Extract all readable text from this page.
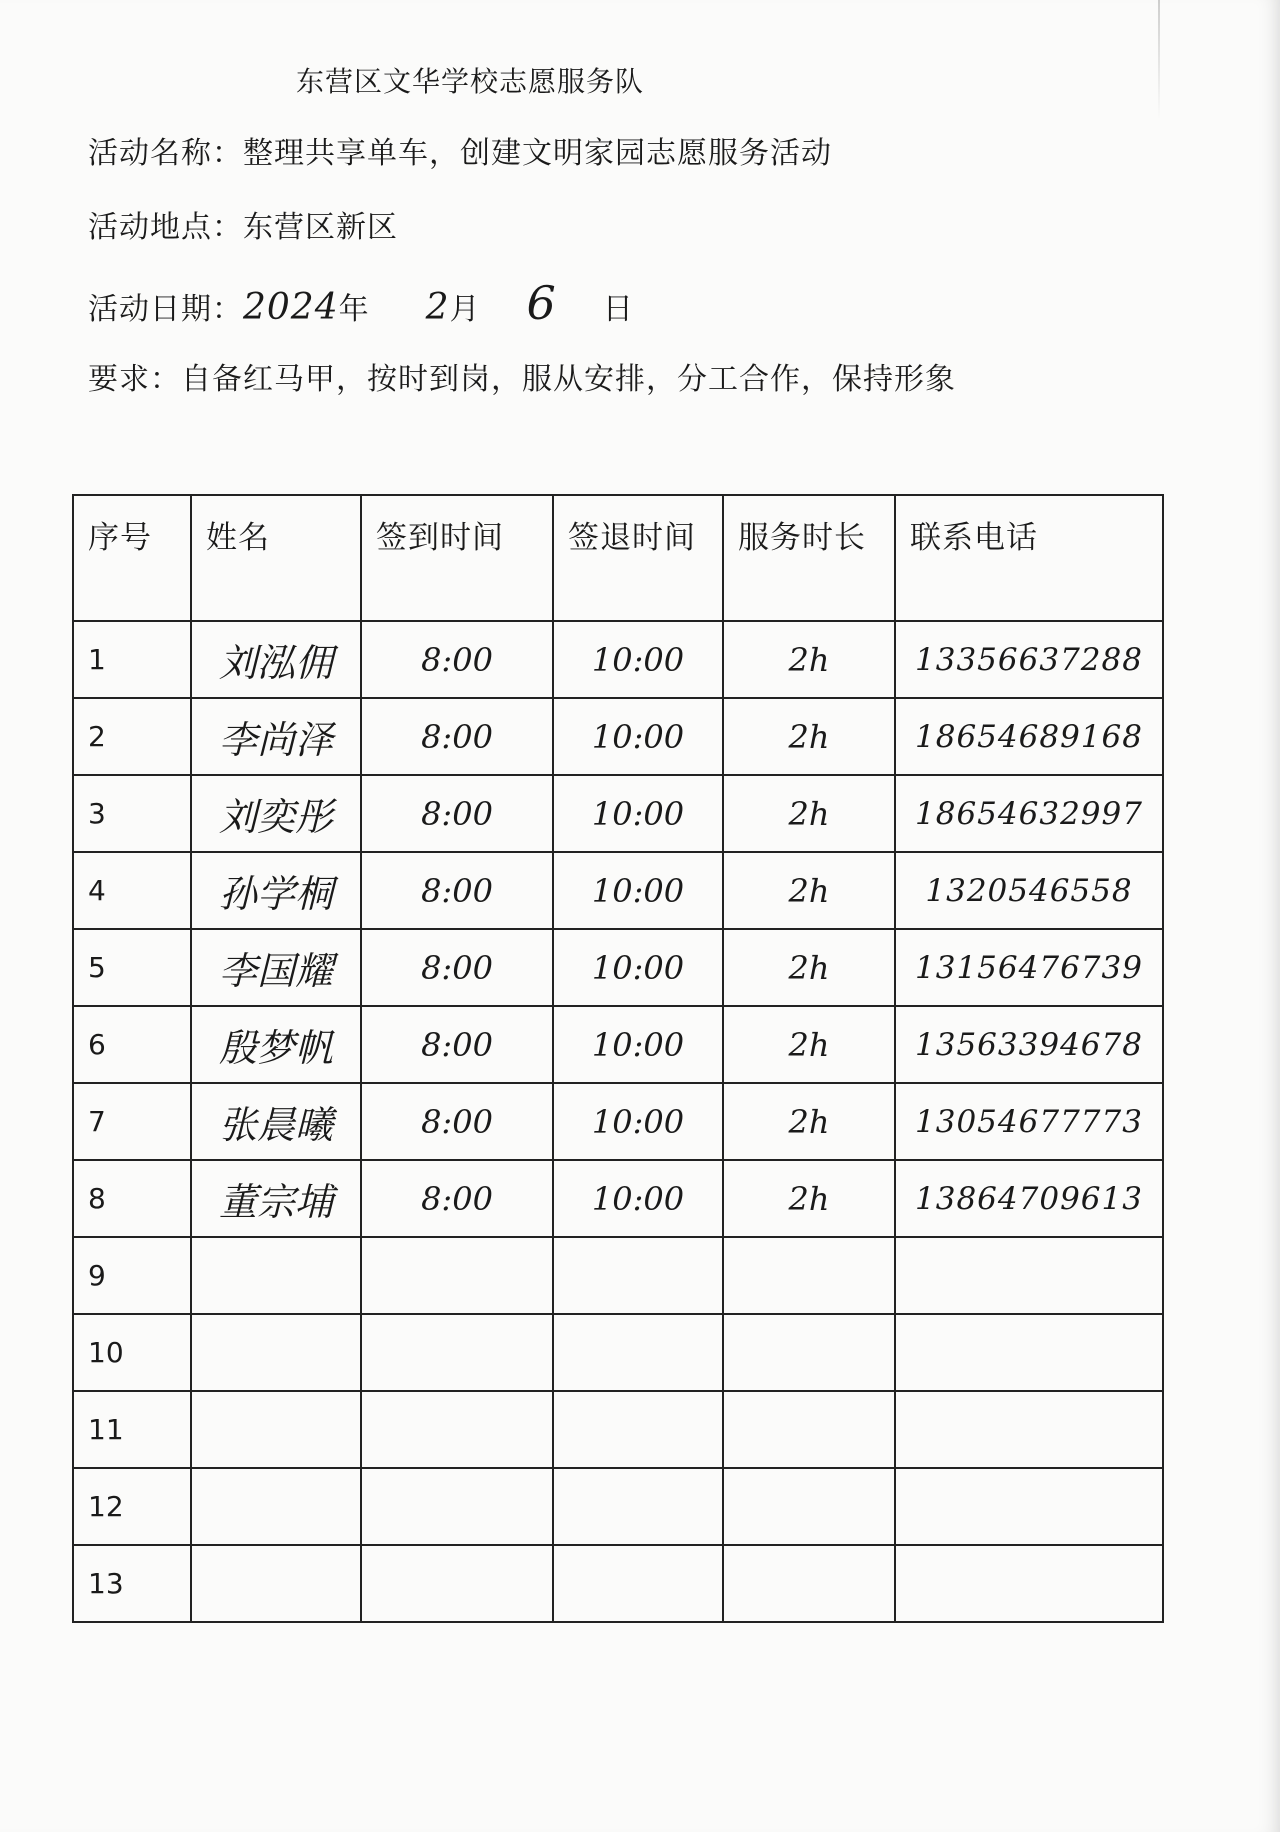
东营区文华学校志愿服务队
活动名称：整理共享单车，创建文明家园志愿服务活动
活动地点：东营区新区
活动日期：2024年 2月 6 日
要求：自备红马甲，按时到岗，服从安排，分工合作，保持形象
序号	姓名	签到时间	签退时间	服务时长	联系电话
1	刘泓佣	8:00	10:00	2h	13356637288
2	李尚泽	8:00	10:00	2h	18654689168
3	刘奕彤	8:00	10:00	2h	18654632997
4	孙学桐	8:00	10:00	2h	1320546558
5	李国耀	8:00	10:00	2h	13156476739
6	殷梦帆	8:00	10:00	2h	13563394678
7	张晨曦	8:00	10:00	2h	13054677773
8	董宗埔	8:00	10:00	2h	13864709613
9					
10					
11					
12					
13					
